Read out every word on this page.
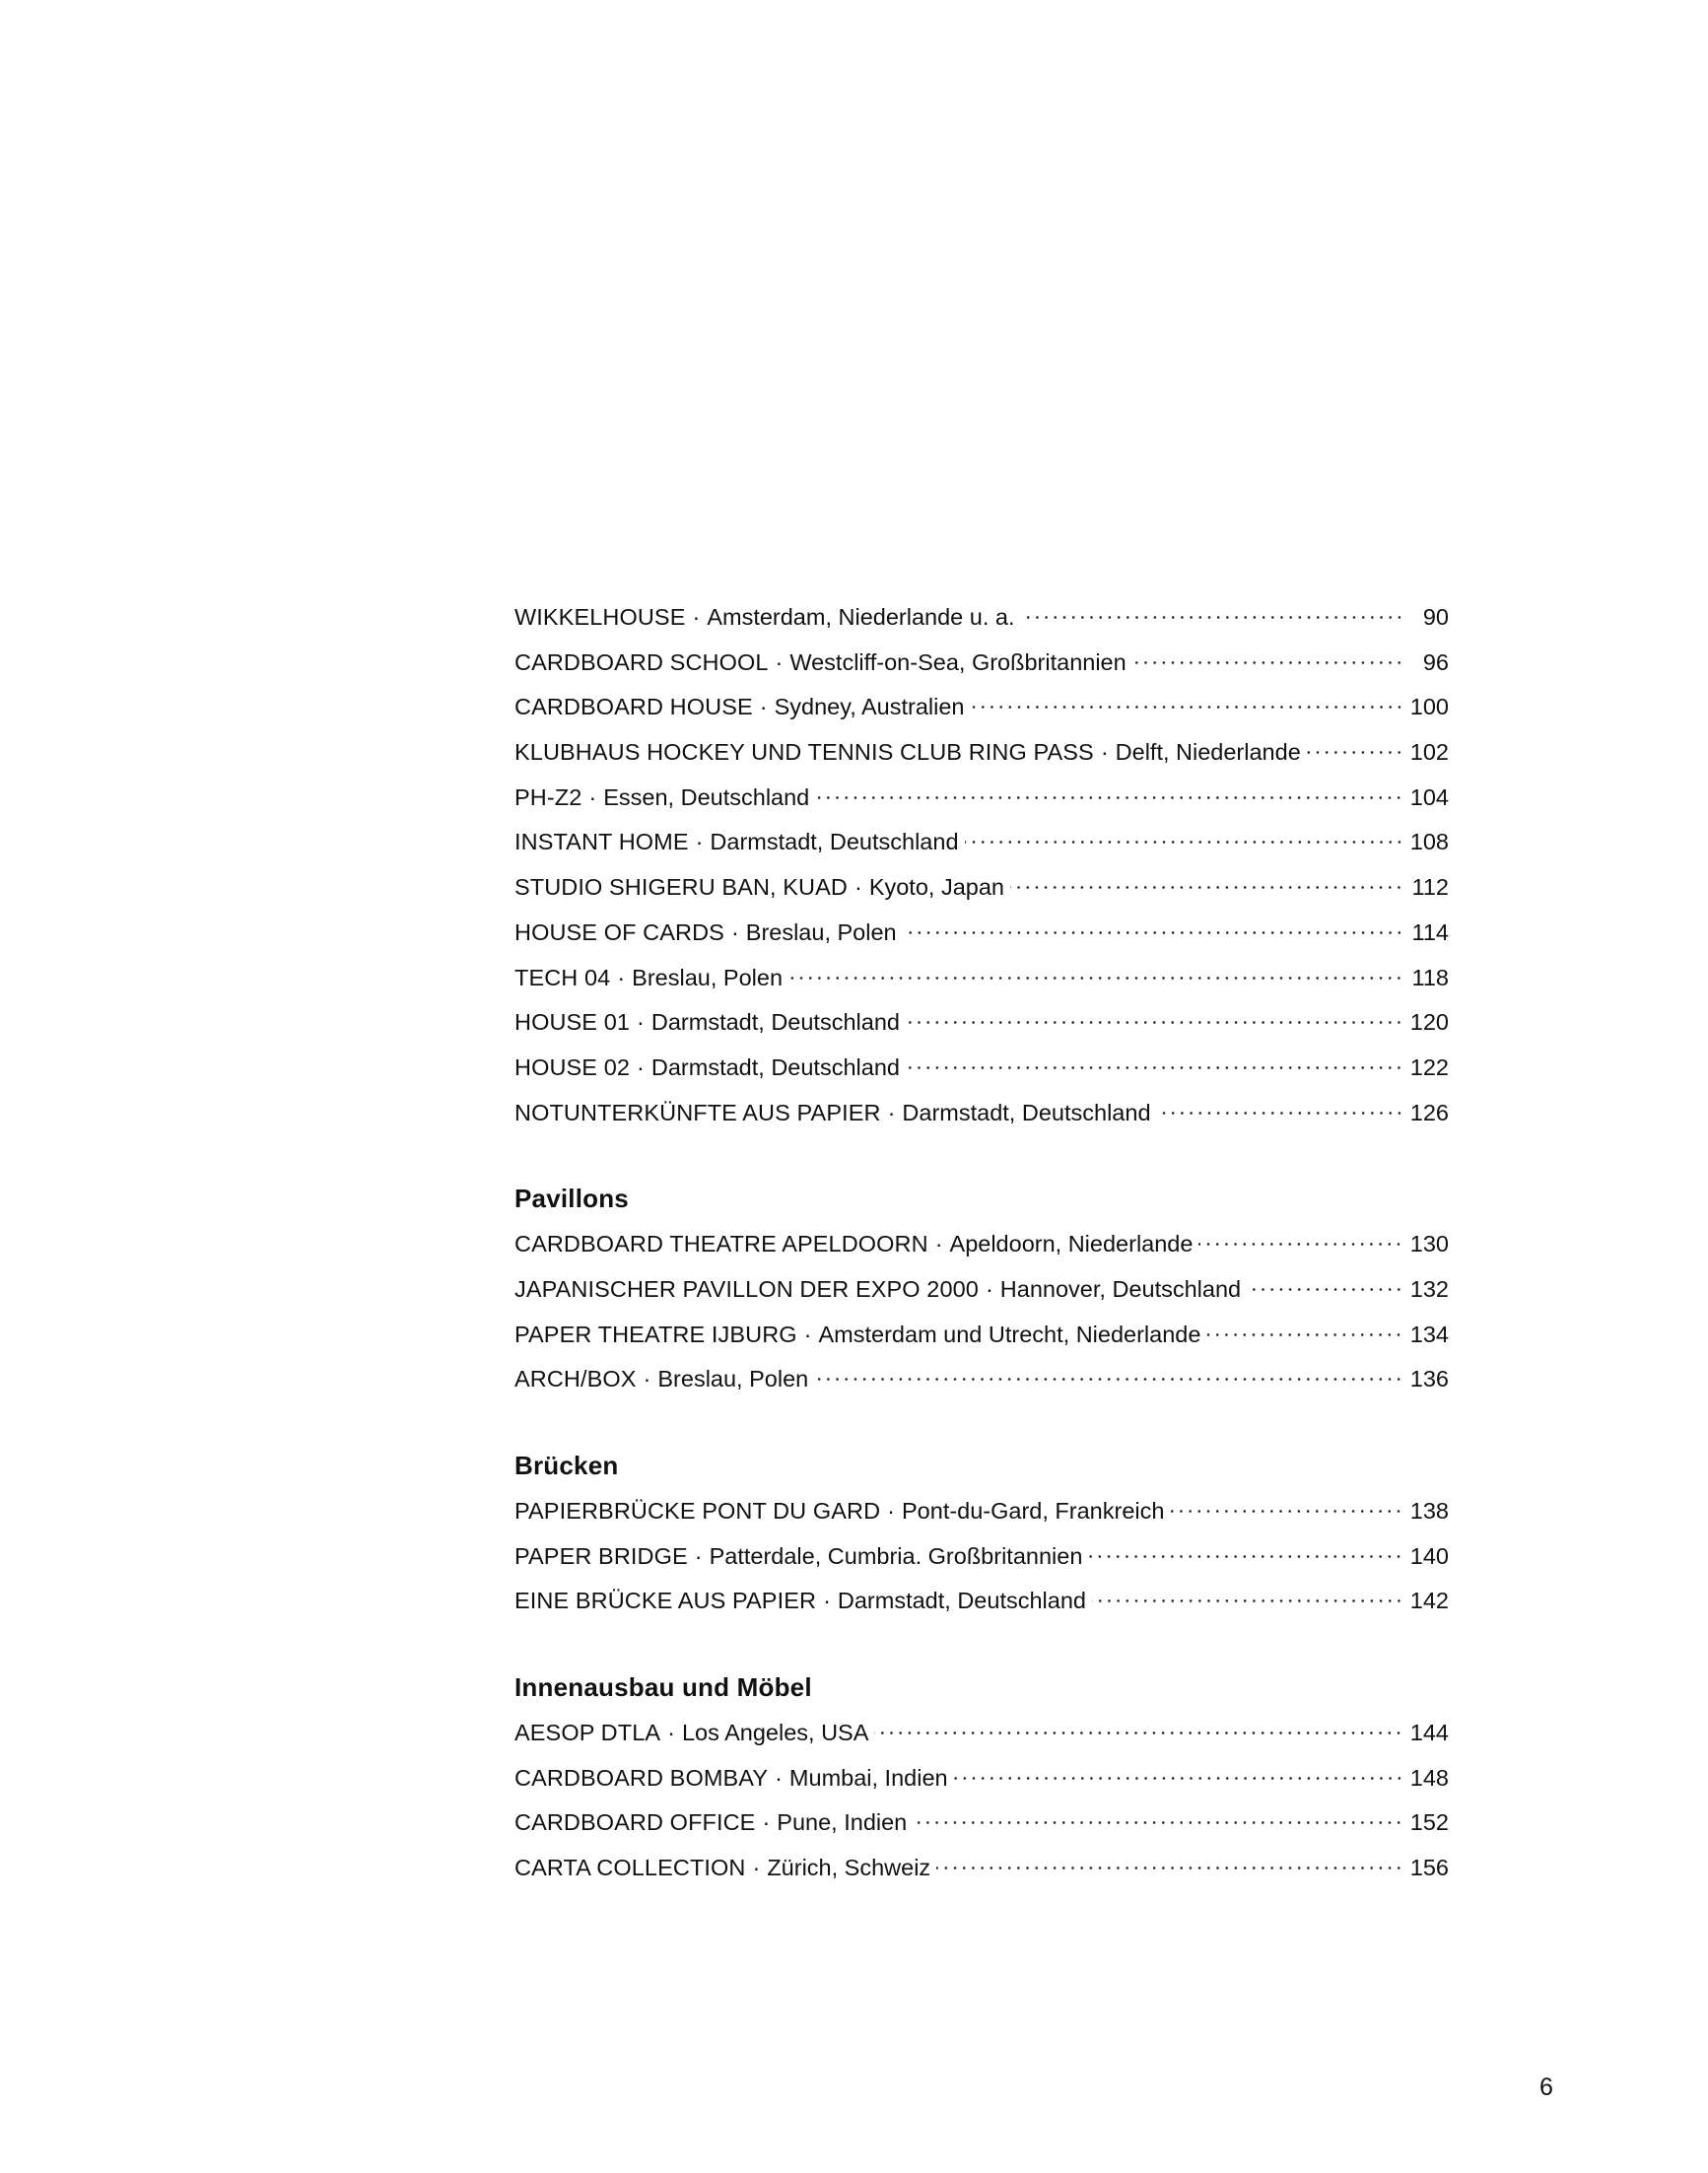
WIKKELHOUSE · Amsterdam, Niederlande u. a.	90
CARDBOARD SCHOOL · Westcliff-on-Sea, Großbritannien	96
CARDBOARD HOUSE · Sydney, Australien	100
KLUBHAUS HOCKEY UND TENNIS CLUB RING PASS · Delft, Niederlande	102
PH-Z2 · Essen, Deutschland	104
INSTANT HOME · Darmstadt, Deutschland	108
STUDIO SHIGERU BAN, KUAD · Kyoto, Japan	112
HOUSE OF CARDS · Breslau, Polen	114
TECH 04 · Breslau, Polen	118
HOUSE 01 · Darmstadt, Deutschland	120
HOUSE 02 · Darmstadt, Deutschland	122
NOTUNTERKÜNFTE AUS PAPIER · Darmstadt, Deutschland	126
Pavillons
CARDBOARD THEATRE APELDOORN · Apeldoorn, Niederlande	130
JAPANISCHER PAVILLON DER EXPO 2000 · Hannover, Deutschland	132
PAPER THEATRE IJBURG · Amsterdam und Utrecht, Niederlande	134
ARCH/BOX · Breslau, Polen	136
Brücken
PAPIERBRÜCKE PONT DU GARD · Pont-du-Gard, Frankreich	138
PAPER BRIDGE · Patterdale, Cumbria. Großbritannien	140
EINE BRÜCKE AUS PAPIER · Darmstadt, Deutschland	142
Innenausbau und Möbel
AESOP DTLA · Los Angeles, USA	144
CARDBOARD BOMBAY · Mumbai, Indien	148
CARDBOARD OFFICE · Pune, Indien	152
CARTA COLLECTION · Zürich, Schweiz	156
6
